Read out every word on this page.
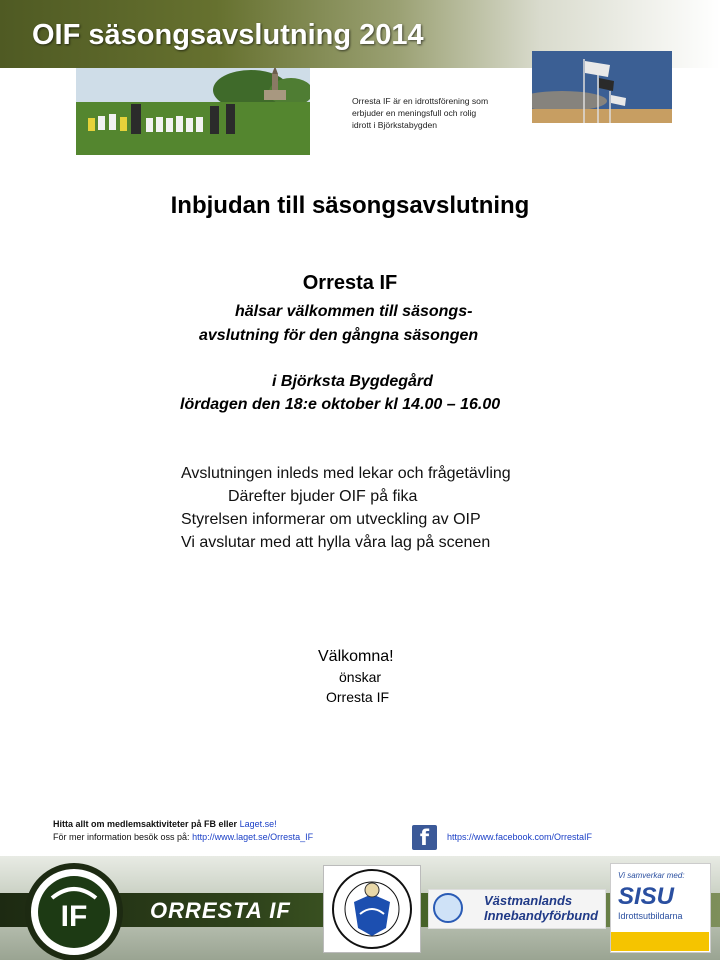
OIF säsongsavslutning 2014
Orresta IF är en idrottsförening som
erbjuder en meningsfull och rolig
idrott i Björkstabygden
Inbjudan till säsongsavslutning
Orresta IF
hälsar välkommen till säsongs-
avslutning för den gångna säsongen
i Björksta Bygdegård
lördagen den 18:e oktober kl 14.00 – 16.00
Avslutningen inleds med lekar och frågetävling
Därefter bjuder OIF på fika
Styrelsen informerar om utveckling av OIP
Vi avslutar med att hylla våra lag på scenen
Välkomna!
önskar
Orresta IF
Hitta allt om medlemsaktiviteter på FB eller Laget.se!
För mer information besök oss på: http://www.laget.se/Orresta_IF	f	https://www.facebook.com/OrrestaIF
ORRESTA IF
IF	Västmanlands
Innebandyförbund
Vi samverkar med:
SISU
Idrottsutbildarna
